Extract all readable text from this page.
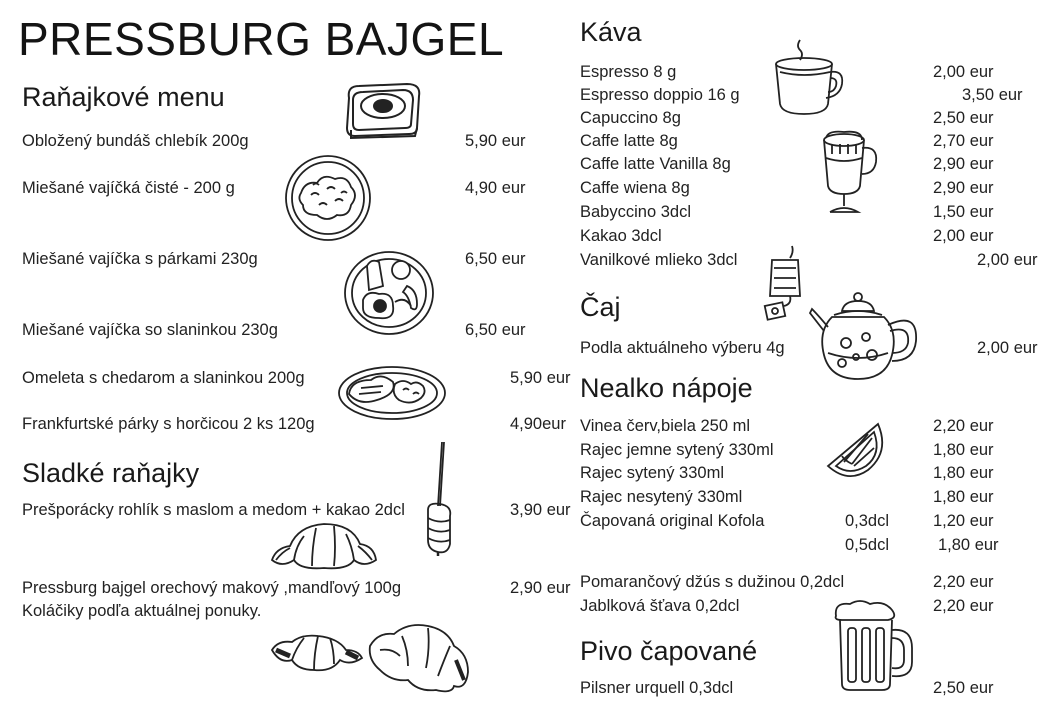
PRESSBURG BAJGEL
Raňajkové menu
Obložený bundáš chlebík 200g	5,90 eur
Miešané vajíčká čisté - 200 g	4,90 eur
Miešané vajíčka s párkami 230g	6,50 eur
Miešané vajíčka so slaninkou 230g	6,50 eur
Omeleta s chedarom a slaninkou 200g	5,90 eur
Frankfurtské párky s horčicou 2 ks 120g	4,90eur
Sladké raňajky
Prešporácky rohlík s maslom a medom + kakao 2dcl	3,90 eur
Pressburg bajgel orechový makový ,mandľový 100g	2,90 eur
Koláčiky podľa aktuálnej ponuky.
Káva
Espresso 8 g	2,00 eur
Espresso doppio 16 g	3,50 eur
Capuccino 8g	2,50 eur
Caffe latte 8g	2,70 eur
Caffe latte Vanilla 8g	2,90 eur
Caffe wiena 8g	2,90 eur
Babyccino 3dcl	1,50 eur
Kakao 3dcl	2,00 eur
Vanilkové mlieko 3dcl	2,00 eur
Čaj
Podla aktuálneho výberu 4g	2,00 eur
Nealko nápoje
Vinea červ,biela 250 ml	2,20 eur
Rajec jemne sytený 330ml	1,80 eur
Rajec sytený 330ml	1,80 eur
Rajec nesytený 330ml	1,80 eur
Čapovaná original Kofola	0,3dcl	1,20 eur
0,5dcl	1,80 eur
Pomarančový džús s dužinou 0,2dcl	2,20 eur
Jablková šťava 0,2dcl	2,20 eur
Pivo čapované
Pilsner urquell 0,3dcl	2,50 eur
